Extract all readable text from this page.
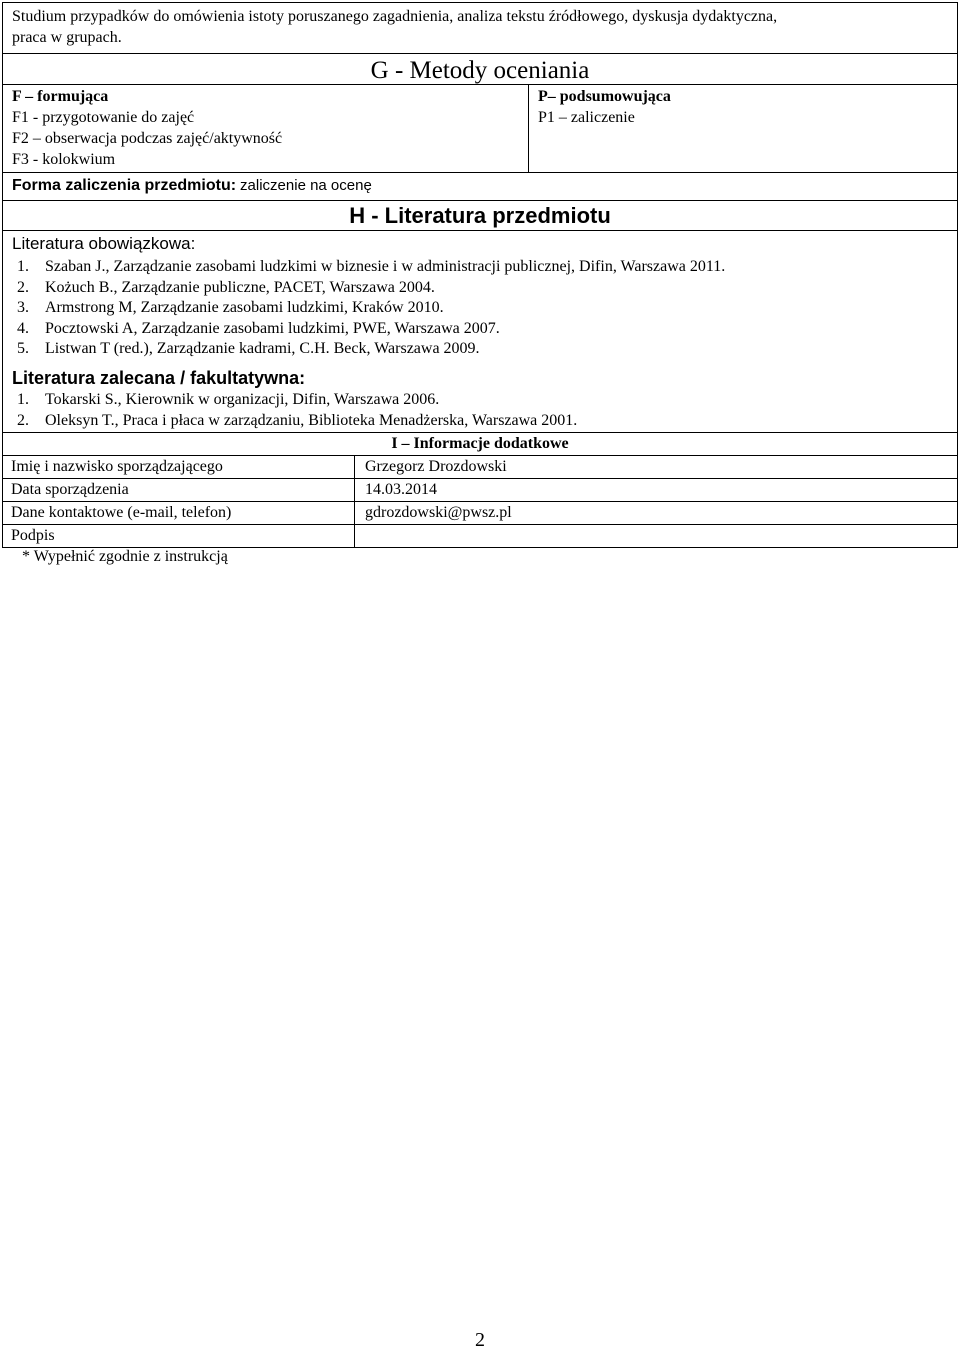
Studium przypadków do omówienia istoty poruszanego zagadnienia, analiza tekstu źródłowego, dyskusja dydaktyczna,
praca w grupach.
G - Metody oceniania
F – formująca
F1 - przygotowanie do zajęć
F2 – obserwacja podczas zajęć/aktywność
F3 - kolokwium
P– podsumowująca
P1 – zaliczenie
Forma zaliczenia przedmiotu: zaliczenie na ocenę
H - Literatura przedmiotu
Literatura obowiązkowa:
1. Szaban J., Zarządzanie zasobami ludzkimi w biznesie i w administracji publicznej, Difin, Warszawa 2011.
2. Kożuch B., Zarządzanie publiczne, PACET, Warszawa 2004.
3. Armstrong M, Zarządzanie zasobami ludzkimi, Kraków 2010.
4. Pocztowski A, Zarządzanie zasobami ludzkimi, PWE, Warszawa 2007.
5. Listwan T (red.), Zarządzanie kadrami, C.H. Beck, Warszawa 2009.
Literatura zalecana / fakultatywna:
1. Tokarski S., Kierownik w organizacji, Difin, Warszawa 2006.
2. Oleksyn T., Praca i płaca w zarządzaniu, Biblioteka Menadżerska, Warszawa 2001.
I – Informacje dodatkowe	
Imię i nazwisko sporządzającego	Grzegorz Drozdowski
Data sporządzenia	14.03.2014
Dane kontaktowe (e-mail, telefon)	gdrozdowski@pwsz.pl
Podpis	
* Wypełnić zgodnie z instrukcją
2
